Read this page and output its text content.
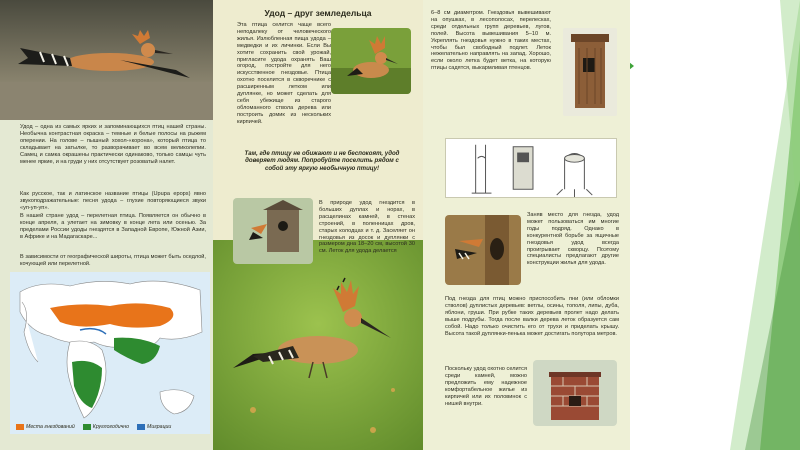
Удод – одна из самых ярких и запоминающихся птиц нашей страны. Необычна контрастная окраска – темные и белые полосы на рыжем оперении. На голове – пышный хохол-«корона», который птица то складывает на затылке, то разворачивает во всем великолепии. Самец и самка окрашены практически одинаково, только самцы чуть менее яркие, и на груди у них отсутствует розоватый налет.
Как русское, так и латинское название птицы (Upupa epops) явно звукоподражательные: песня удода – глухие повторяющиеся звуки «уп-уп-уп».
В нашей стране удод – перелетная птица. Появляется он обычно в конце апреля, а улетает на зимовку в конце лета или осенью. За пределами России удоды гнездятся в Западной Европе, Южной Азии, в Африке и на Мадагаскаре...
В зависимости от географической широты, птица может быть оседлой, кочующей или перелетной.
Места гнездований	Круглогодично	Миграции
Удод – друг земледельца
Эта птица селится чаще всего неподалеку от человеческого жилья. Излюбленная пища удода – медведки и их личинки. Если Вы хотите сохранить свой урожай, пригласите удода охранять Ваш огород, постройте для него искусственное гнездовье. Птица охотно поселится в скворечнике с расширенным летком или дуплянке, но может сделать для себя убежище из старого обломанного ствола дерева или построить домик из нескольких кирпичей.
Там, где птицу не обижают и не беспокоят, удод доверяет людям. Попробуйте поселить рядом с собой эту яркую необычную птицу!
В природе удод гнездится в больших дуплах и норах, в расщелинах камней, в стенах строений, в поленницах дров, старых колодцах и т. д. Заселяет он гнездовья из досок и дуплянки с размером дна 18–20 см, высотой 30 см. Леток для удода делается
6–8 см диаметром. Гнездовья вывешивают на опушках, в лесополосах, перелесках, среди отдельных групп деревьев, лугов, полей. Высота вывешивания 5–10 м. Укреплять гнездовья нужно в таких местах, чтобы был свободный подлет. Леток нежелательно направлять на запад. Хорошо, если около летка будет ветка, на которую птицы садятся, выкармливая птенцов.
Заняв место для гнезда, удод может пользоваться им многие годы подряд. Однако в конкурентной борьбе за ящичные гнездовья удод всегда проигрывает скворцу. Поэтому специалисты предлагают другие конструкции жилья для удода.
Под гнезда для птиц можно приспособить пни (или обломки стволов) дуплистых деревьев: ветлы, осины, тополя, липы, дуба, яблони, груши. При рубке таких деревьев пролет надо делать выше подрубы. Тогда после валки дерева леток образуется сам собой. Надо только очистить его от трухи и приделать крышу. Высота такой дуплянки-пенька может достигать полутора метров.
Поскольку удод охотно селится среди камней, можно предложить ему надежное комфортабельное жилье из кирпичей или их половинок с нишей внутри.
